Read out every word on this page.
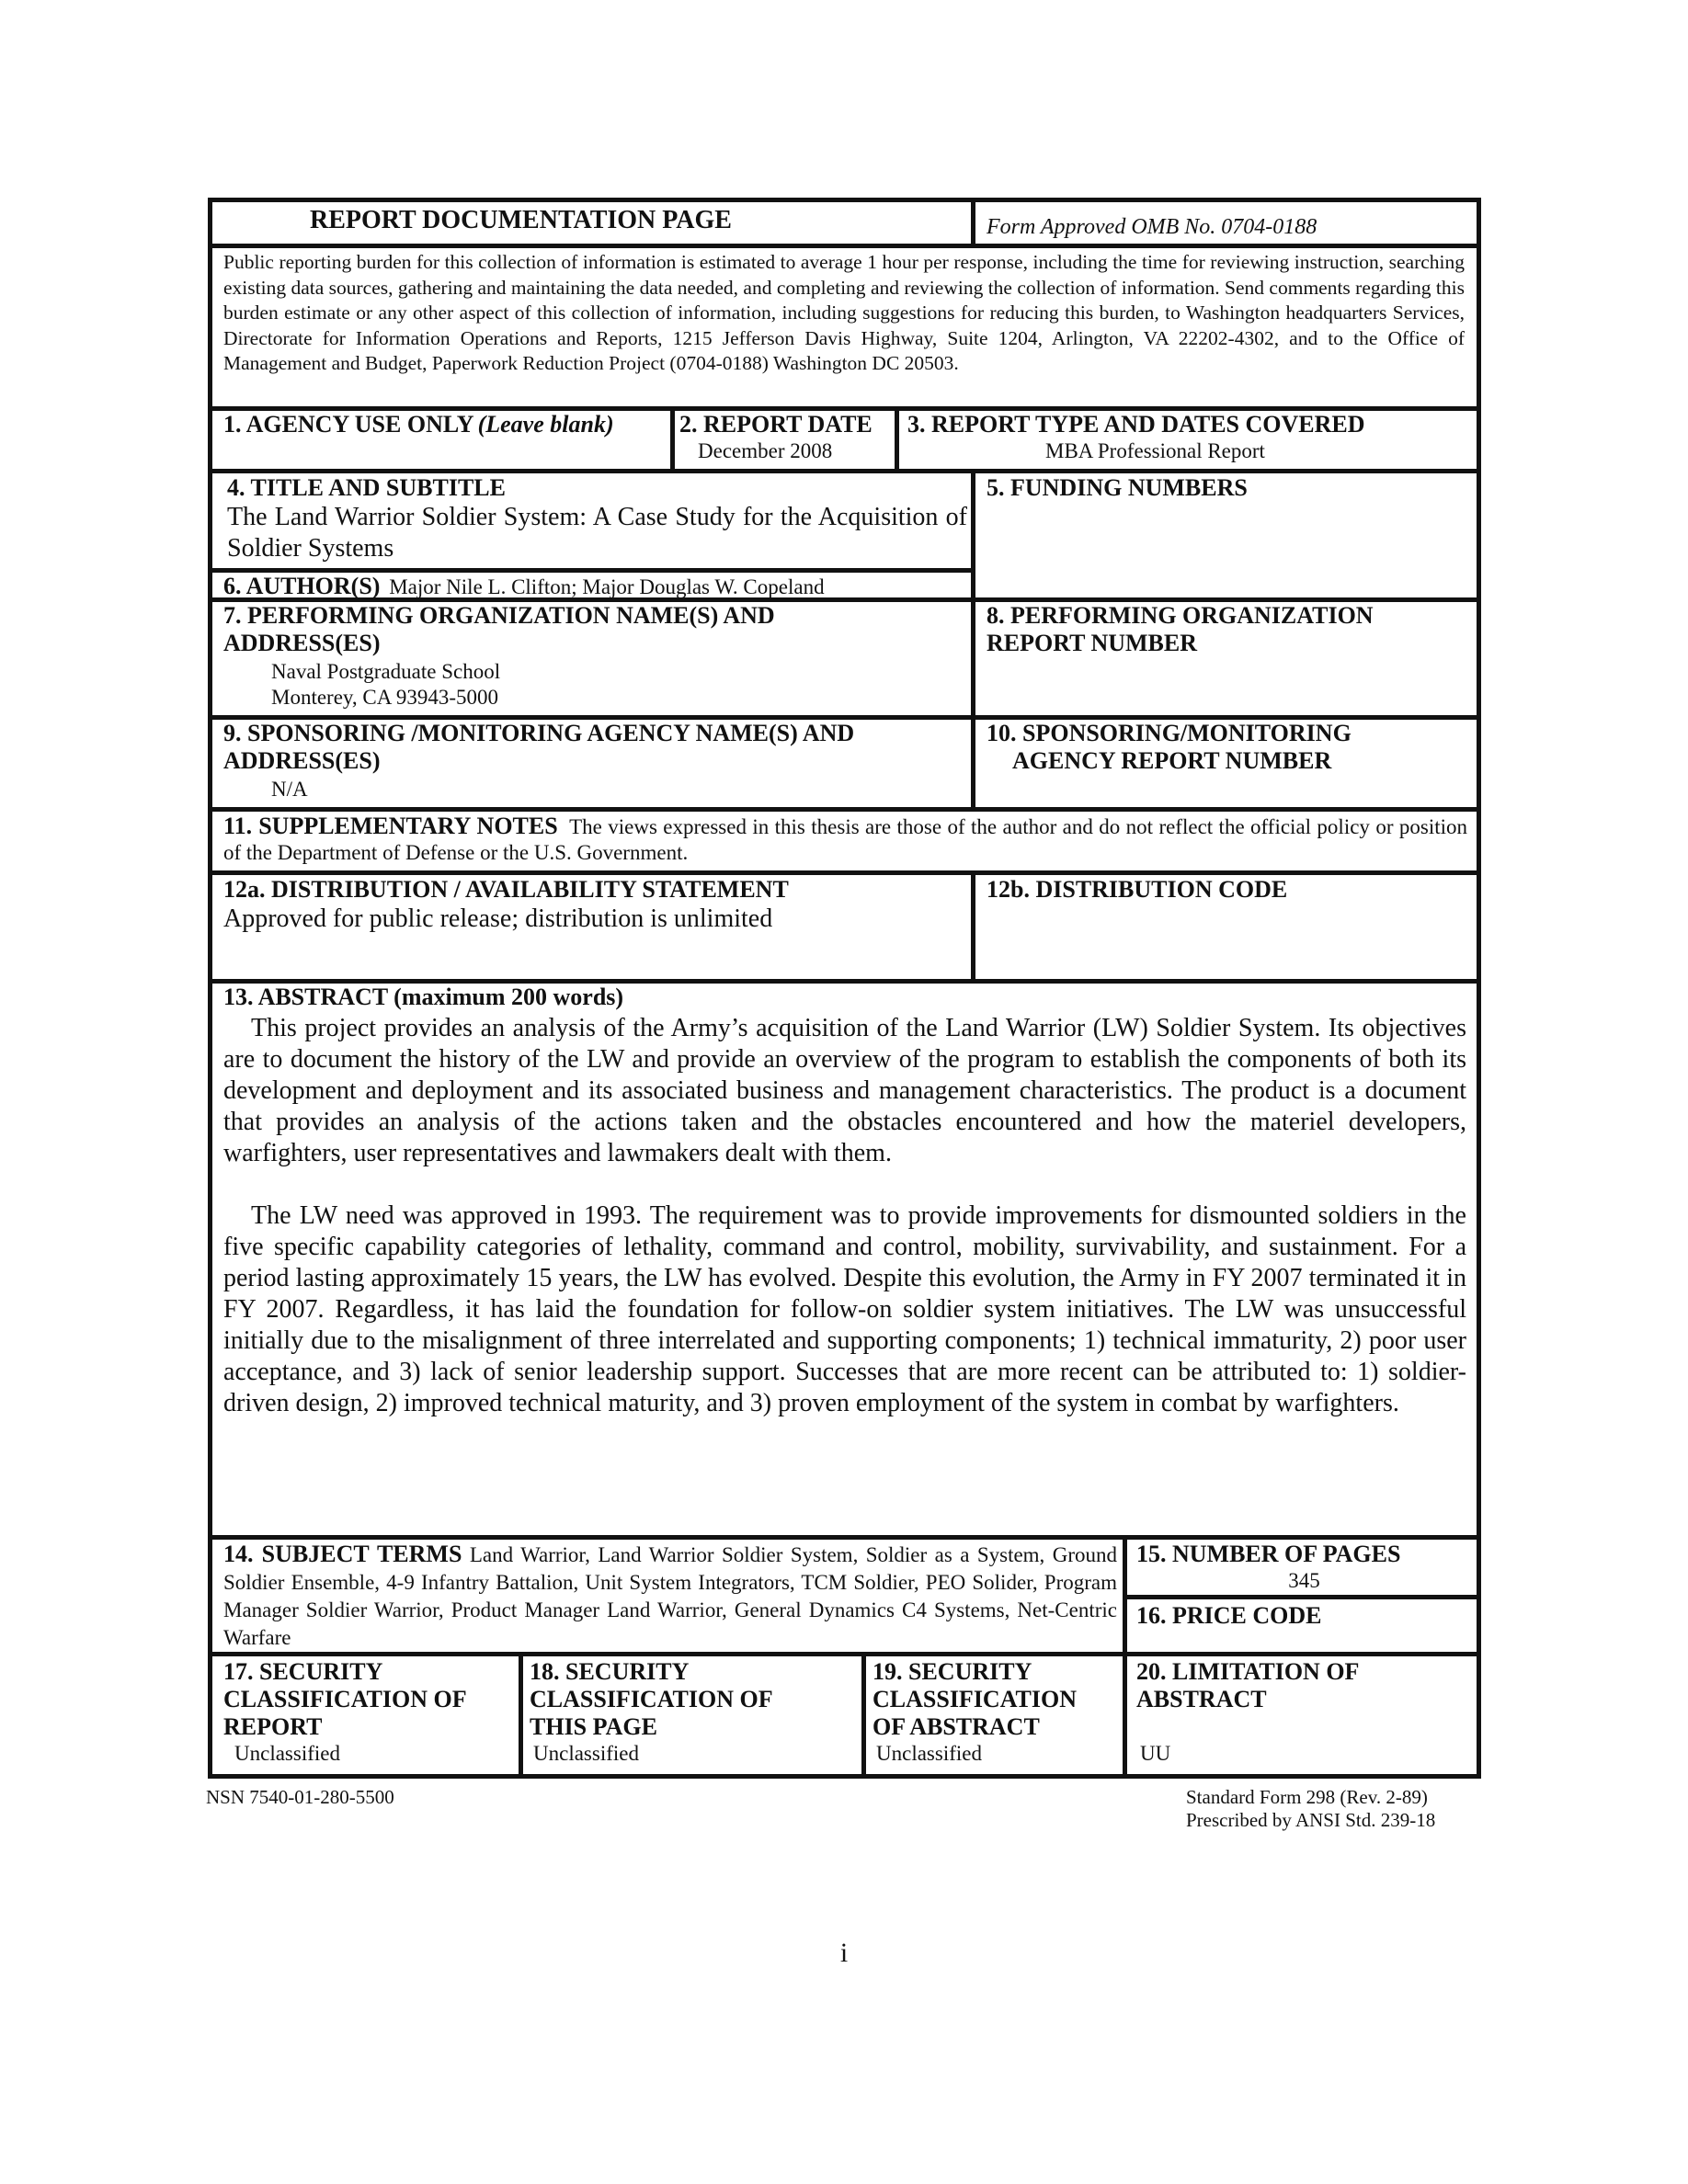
REPORT DOCUMENTATION PAGE	Form Approved OMB No. 0704-0188
Public reporting burden for this collection of information is estimated to average 1 hour per response, including the time for reviewing instruction, searching existing data sources, gathering and maintaining the data needed, and completing and reviewing the collection of information. Send comments regarding this burden estimate or any other aspect of this collection of information, including suggestions for reducing this burden, to Washington headquarters Services, Directorate for Information Operations and Reports, 1215 Jefferson Davis Highway, Suite 1204, Arlington, VA 22202-4302, and to the Office of Management and Budget, Paperwork Reduction Project (0704-0188) Washington DC 20503.
1. AGENCY USE ONLY (Leave blank)	2. REPORT DATE
December 2008
3. REPORT TYPE AND DATES COVERED
MBA Professional Report
4. TITLE AND SUBTITLE
The Land Warrior Soldier System: A Case Study for the Acquisition of Soldier Systems
5. FUNDING NUMBERS
6. AUTHOR(S) Major Nile L. Clifton; Major Douglas W. Copeland
7. PERFORMING ORGANIZATION NAME(S) AND
ADDRESS(ES)
Naval Postgraduate School
Monterey, CA 93943-5000
8. PERFORMING ORGANIZATION
REPORT NUMBER
9. SPONSORING /MONITORING AGENCY NAME(S) AND
ADDRESS(ES)
N/A
10. SPONSORING/MONITORING
AGENCY REPORT NUMBER
11. SUPPLEMENTARY NOTES The views expressed in this thesis are those of the author and do not reflect the official policy or position of the Department of Defense or the U.S. Government.
12a. DISTRIBUTION / AVAILABILITY STATEMENT
Approved for public release; distribution is unlimited
12b. DISTRIBUTION CODE
13. ABSTRACT (maximum 200 words)

This project provides an analysis of the Army’s acquisition of the Land Warrior (LW) Soldier System. Its objectives are to document the history of the LW and provide an overview of the program to establish the components of both its development and deployment and its associated business and management characteristics. The product is a document that provides an analysis of the actions taken and the obstacles encountered and how the materiel developers, warfighters, user representatives and lawmakers dealt with them.

The LW need was approved in 1993. The requirement was to provide improvements for dismounted soldiers in the five specific capability categories of lethality, command and control, mobility, survivability, and sustainment. For a period lasting approximately 15 years, the LW has evolved. Despite this evolution, the Army in FY 2007 terminated it in FY 2007. Regardless, it has laid the foundation for follow-on soldier system initiatives. The LW was unsuccessful initially due to the misalignment of three interrelated and supporting components; 1) technical immaturity, 2) poor user acceptance, and 3) lack of senior leadership support. Successes that are more recent can be attributed to: 1) soldier-driven design, 2) improved technical maturity, and 3) proven employment of the system in combat by warfighters.

14. SUBJECT TERMS Land Warrior, Land Warrior Soldier System, Soldier as a System, Ground Soldier Ensemble, 4-9 Infantry Battalion, Unit System Integrators, TCM Soldier, PEO Solider, Program Manager Soldier Warrior, Product Manager Land Warrior, General Dynamics C4 Systems, Net-Centric Warfare
15. NUMBER OF PAGES
345
16. PRICE CODE
17. SECURITY
CLASSIFICATION OF
REPORT
Unclassified
18. SECURITY
CLASSIFICATION OF
THIS PAGE
Unclassified
19. SECURITY
CLASSIFICATION
OF ABSTRACT
Unclassified
20. LIMITATION OF
ABSTRACT
UU
NSN 7540-01-280-5500	Standard Form 298 (Rev. 2-89)
Prescribed by ANSI Std. 239-18
i
